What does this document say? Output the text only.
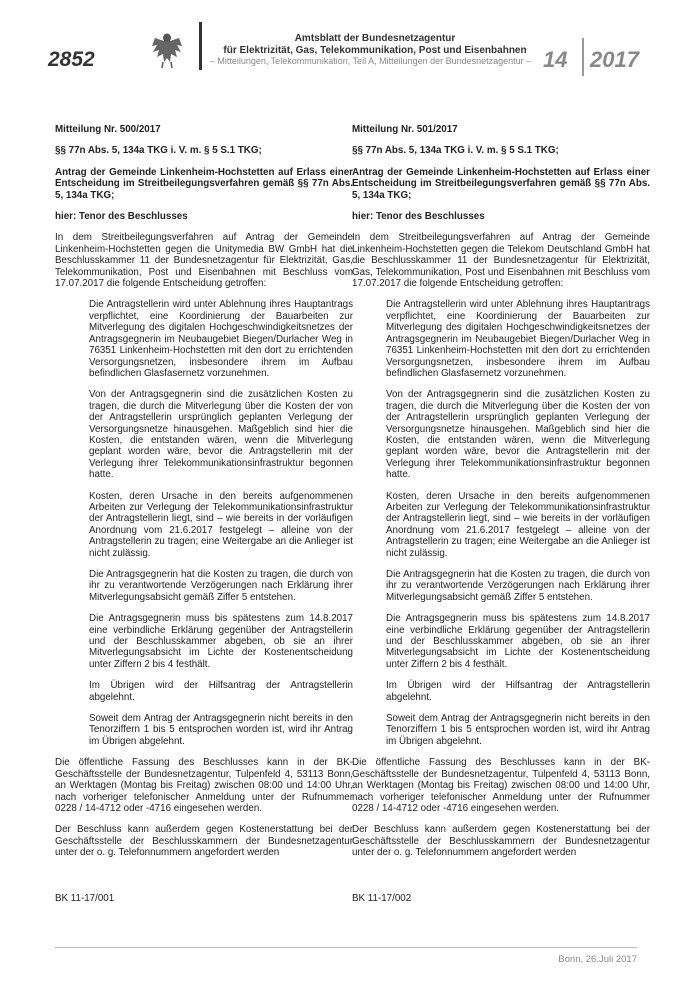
2852
Amtsblatt der Bundesnetzagentur
für Elektrizität, Gas, Telekommunikation, Post und Eisenbahnen
– Mitteilungen, Telekommunikation, Teil A, Mitteilungen der Bundesnetzagentur – 14 2017

Mitteilung Nr. 500/2017

§§ 77n Abs. 5, 134a TKG i. V. m. § 5 S.1 TKG;

Antrag der Gemeinde Linkenheim-Hochstetten auf Erlass einer Entscheidung im Streitbeilegungsverfahren gemäß §§ 77n Abs. 5, 134a TKG;

hier: Tenor des Beschlusses

In dem Streitbeilegungsverfahren auf Antrag der Gemeinde Linkenheim-Hochstetten gegen die Unitymedia BW GmbH hat die Beschlusskammer 11 der Bundesnetzagentur für Elektrizität, Gas, Telekommunikation, Post und Eisenbahnen mit Beschluss vom 17.07.2017 die folgende Entscheidung getroffen:

Die Antragstellerin wird unter Ablehnung ihres Hauptantrags verpflichtet, eine Koordinierung der Bauarbeiten zur Mitverlegung des digitalen Hochgeschwindigkeitsnetzes der Antragsgegnerin im Neubaugebiet Biegen/Durlacher Weg in 76351 Linkenheim-Hochstetten mit den dort zu errichtenden Versorgungsnetzen, insbesondere ihrem im Aufbau befindlichen Glasfasernetz vorzunehmen.

Von der Antragsgegnerin sind die zusätzlichen Kosten zu tragen, die durch die Mitverlegung über die Kosten der von der Antragstellerin ursprünglich geplanten Verlegung der Versorgungsnetze hinausgehen. Maßgeblich sind hier die Kosten, die entstanden wären, wenn die Mitverlegung geplant worden wäre, bevor die Antragstellerin mit der Verlegung ihrer Telekommunikationsinfrastruktur begonnen hatte.

Kosten, deren Ursache in den bereits aufgenommenen Arbeiten zur Verlegung der Telekommunikationsinfrastruktur der Antragstellerin liegt, sind – wie bereits in der vorläufigen Anordnung vom 21.6.2017 festgelegt – alleine von der Antragstellerin zu tragen; eine Weitergabe an die Anlieger ist nicht zulässig.

Die Antragsgegnerin hat die Kosten zu tragen, die durch von ihr zu verantwortende Verzögerungen nach Erklärung ihrer Mitverlegungsabsicht gemäß Ziffer 5 entstehen.

Die Antragsgegnerin muss bis spätestens zum 14.8.2017 eine verbindliche Erklärung gegenüber der Antragstellerin und der Beschlusskammer abgeben, ob sie an ihrer Mitverlegungsabsicht im Lichte der Kostenentscheidung unter Ziffern 2 bis 4 festhält.

Im Übrigen wird der Hilfsantrag der Antragstellerin abgelehnt.

Soweit dem Antrag der Antragsgegnerin nicht bereits in den Tenorziffern 1 bis 5 entsprochen worden ist, wird ihr Antrag im Übrigen abgelehnt.

Die öffentliche Fassung des Beschlusses kann in der BK-Geschäftsstelle der Bundesnetzagentur, Tulpenfeld 4, 53113 Bonn, an Werktagen (Montag bis Freitag) zwischen 08:00 und 14:00 Uhr, nach vorheriger telefonischer Anmeldung unter der Rufnummer 0228 / 14-4712 oder -4716 eingesehen werden.

Der Beschluss kann außerdem gegen Kostenerstattung bei der Geschäftsstelle der Beschlusskammern der Bundesnetzagentur unter der o. g. Telefonnummern angefordert werden

BK 11-17/001

Mitteilung Nr. 501/2017

§§ 77n Abs. 5, 134a TKG i. V. m. § 5 S.1 TKG;

Antrag der Gemeinde Linkenheim-Hochstetten auf Erlass einer Entscheidung im Streitbeilegungsverfahren gemäß §§ 77n Abs. 5, 134a TKG;

hier: Tenor des Beschlusses

In dem Streitbeilegungsverfahren auf Antrag der Gemeinde Linkenheim-Hochstetten gegen die Telekom Deutschland GmbH hat die Beschlusskammer 11 der Bundesnetzagentur für Elektrizität, Gas, Telekommunikation, Post und Eisenbahnen mit Beschluss vom 17.07.2017 die folgende Entscheidung getroffen:

Die Antragstellerin wird unter Ablehnung ihres Hauptantrags verpflichtet, eine Koordinierung der Bauarbeiten zur Mitverlegung des digitalen Hochgeschwindigkeitsnetzes der Antragsgegnerin im Neubaugebiet Biegen/Durlacher Weg in 76351 Linkenheim-Hochstetten mit den dort zu errichtenden Versorgungsnetzen, insbesondere ihrem im Aufbau befindlichen Glasfasernetz vorzunehmen.

Von der Antragsgegnerin sind die zusätzlichen Kosten zu tragen, die durch die Mitverlegung über die Kosten der von der Antragstellerin ursprünglich geplanten Verlegung der Versorgungsnetze hinausgehen. Maßgeblich sind hier die Kosten, die entstanden wären, wenn die Mitverlegung geplant worden wäre, bevor die Antragstellerin mit der Verlegung ihrer Telekommunikationsinfrastruktur begonnen hatte.

Kosten, deren Ursache in den bereits aufgenommenen Arbeiten zur Verlegung der Telekommunikationsinfrastruktur der Antragstellerin liegt, sind – wie bereits in der vorläufigen Anordnung vom 21.6.2017 festgelegt – alleine von der Antragstellerin zu tragen; eine Weitergabe an die Anlieger ist nicht zulässig.

Die Antragsgegnerin hat die Kosten zu tragen, die durch von ihr zu verantwortende Verzögerungen nach Erklärung ihrer Mitverlegungsabsicht gemäß Ziffer 5 entstehen.

Die Antragsgegnerin muss bis spätestens zum 14.8.2017 eine verbindliche Erklärung gegenüber der Antragstellerin und der Beschlusskammer abgeben, ob sie an ihrer Mitverlegungsabsicht im Lichte der Kostenentscheidung unter Ziffern 2 bis 4 festhält.

Im Übrigen wird der Hilfsantrag der Antragstellerin abgelehnt.

Soweit dem Antrag der Antragsgegnerin nicht bereits in den Tenorziffern 1 bis 5 entsprochen worden ist, wird ihr Antrag im Übrigen abgelehnt.

Die öffentliche Fassung des Beschlusses kann in der BK-Geschäftsstelle der Bundesnetzagentur, Tulpenfeld 4, 53113 Bonn, an Werktagen (Montag bis Freitag) zwischen 08:00 und 14:00 Uhr, nach vorheriger telefonischer Anmeldung unter der Rufnummer 0228 / 14-4712 oder -4716 eingesehen werden.

Der Beschluss kann außerdem gegen Kostenerstattung bei der Geschäftsstelle der Beschlusskammern der Bundesnetzagentur unter der o. g. Telefonnummern angefordert werden

BK 11-17/002
Bonn, 26.Juli 2017
